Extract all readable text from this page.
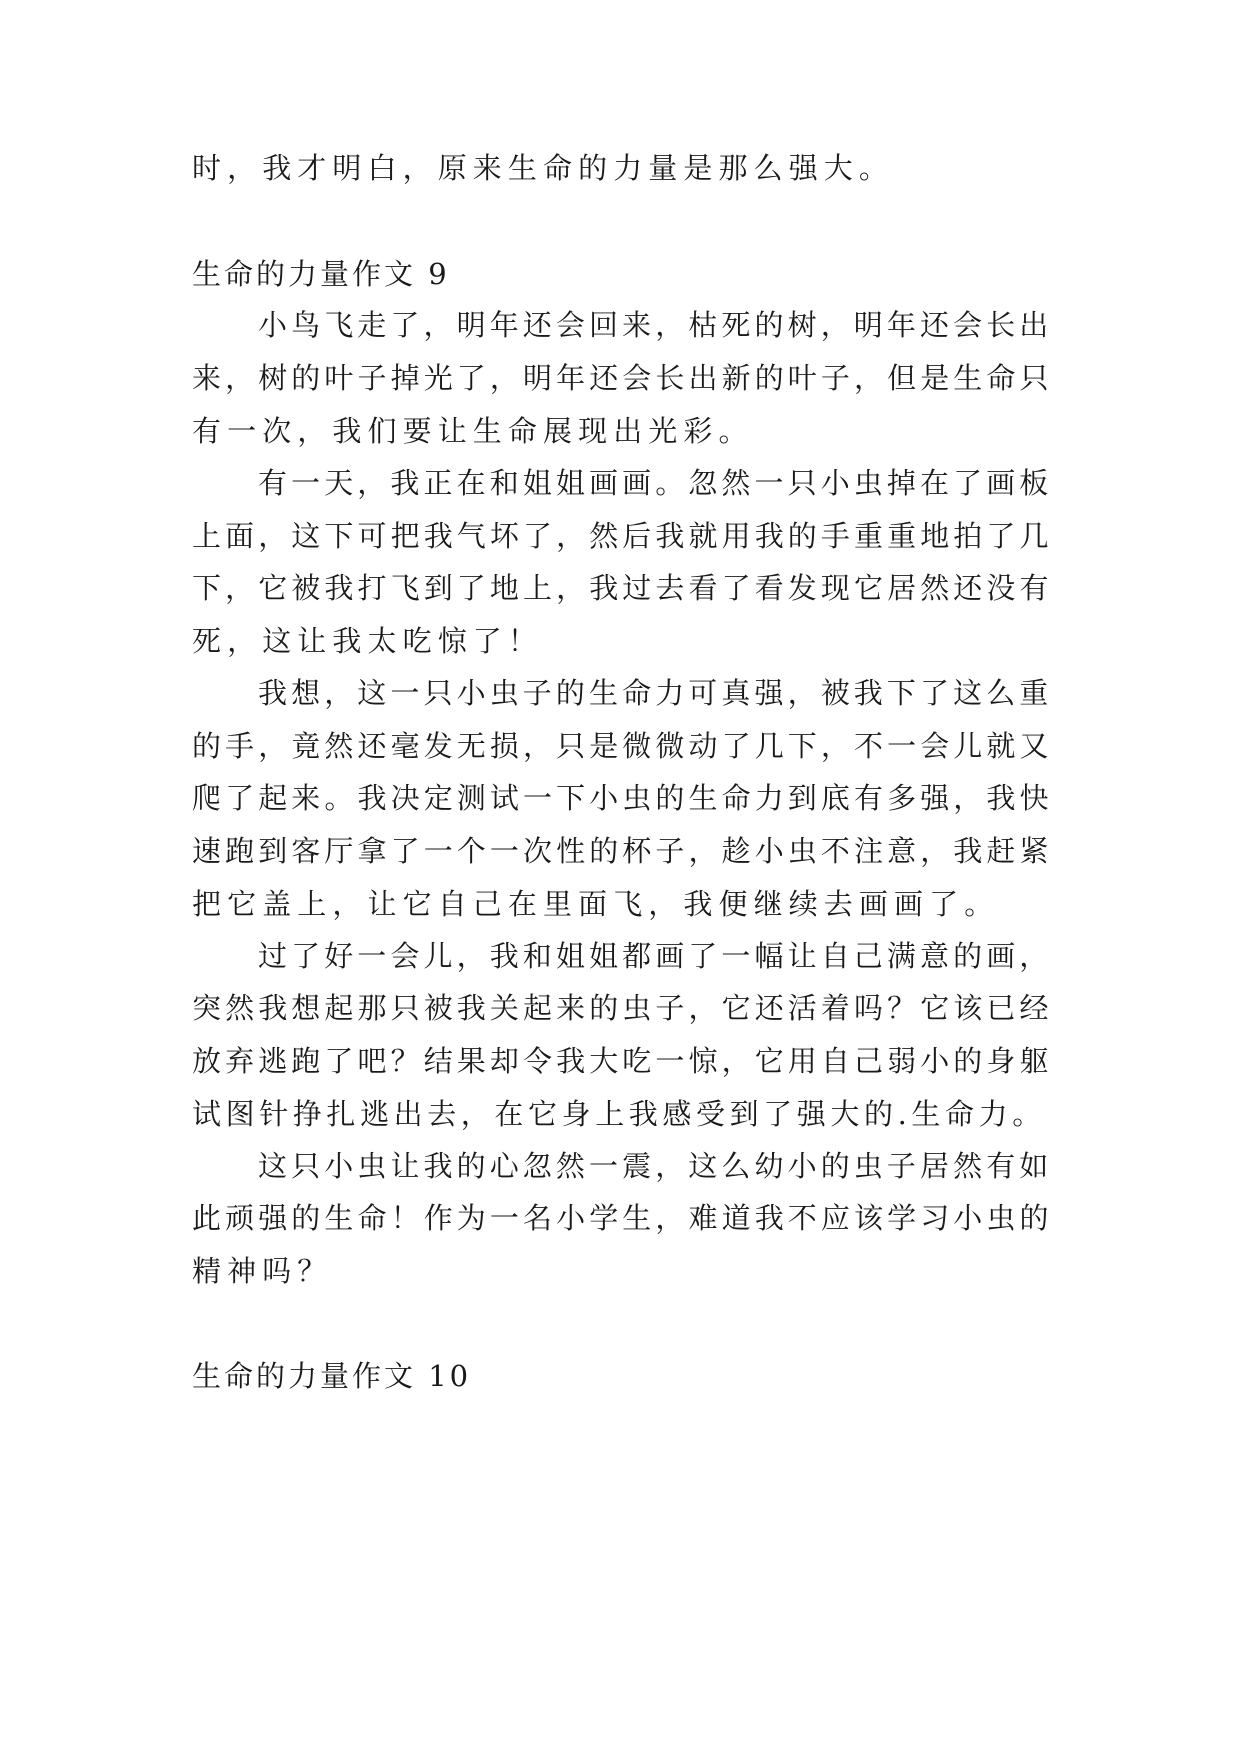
时，我才明白，原来生命的力量是那么强大。
生命的力量作文 9
小鸟飞走了，明年还会回来，枯死的树，明年还会长出
来，树的叶子掉光了，明年还会长出新的叶子，但是生命只
有一次，我们要让生命展现出光彩。
有一天，我正在和姐姐画画。忽然一只小虫掉在了画板
上面，这下可把我气坏了，然后我就用我的手重重地拍了几
下，它被我打飞到了地上，我过去看了看发现它居然还没有
死，这让我太吃惊了！
我想，这一只小虫子的生命力可真强，被我下了这么重
的手，竟然还毫发无损，只是微微动了几下，不一会儿就又
爬了起来。我决定测试一下小虫的生命力到底有多强，我快
速跑到客厅拿了一个一次性的杯子，趁小虫不注意，我赶紧
把它盖上，让它自己在里面飞，我便继续去画画了。
过了好一会儿，我和姐姐都画了一幅让自己满意的画，
突然我想起那只被我关起来的虫子，它还活着吗？它该已经
放弃逃跑了吧？结果却令我大吃一惊，它用自己弱小的身躯
试图针挣扎逃出去，在它身上我感受到了强大的.生命力。
这只小虫让我的心忽然一震，这么幼小的虫子居然有如
此顽强的生命！作为一名小学生，难道我不应该学习小虫的
精神吗？
生命的力量作文 10
